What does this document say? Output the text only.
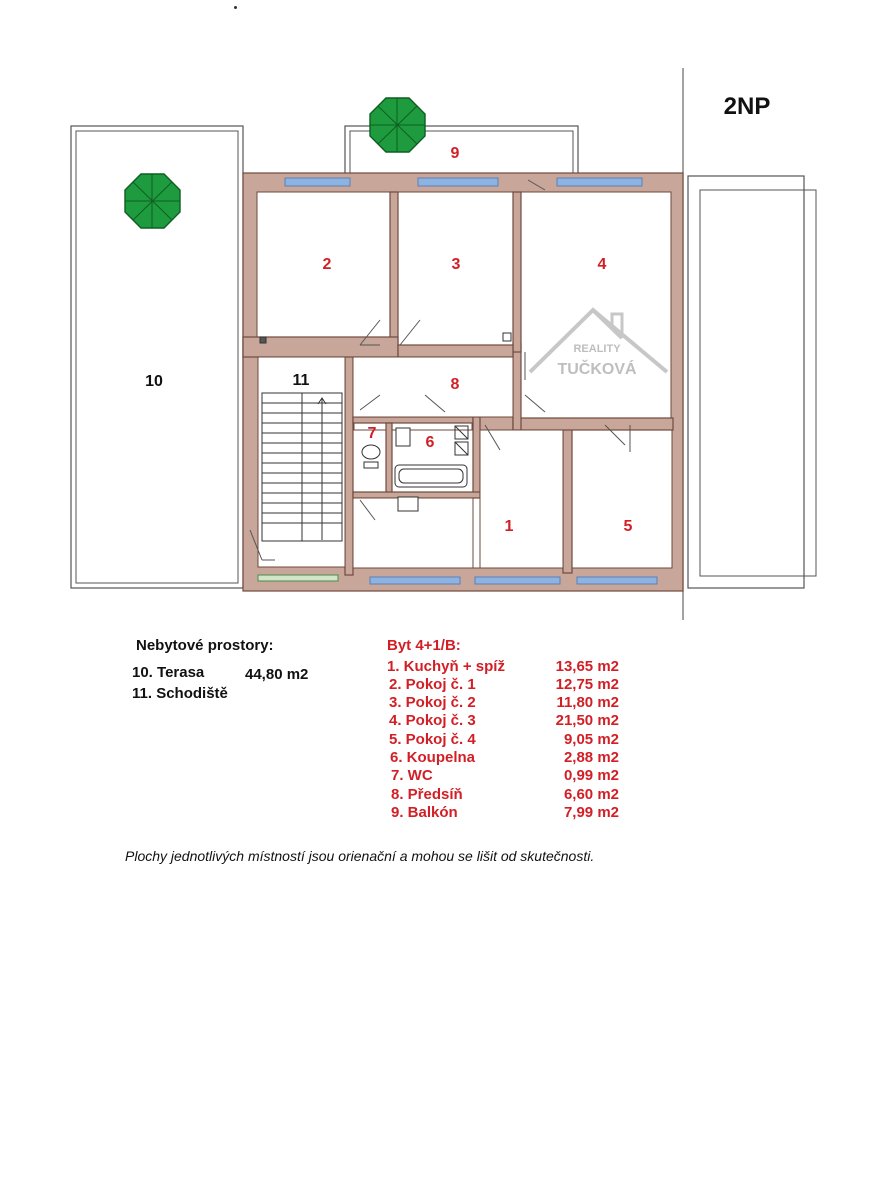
REALITY
TUČKOVÁ
1
2	3	4
5
6
7
8
9
10	11
2NP
Nebytové prostory:
10. Terasa	44,80 m2
11. Schodiště
Byt 4+1/B:
1. Kuchyň + spíž	13,65 m2
2. Pokoj č. 1	12,75 m2
3. Pokoj č. 2	11,80 m2
4. Pokoj č. 3	21,50 m2
5. Pokoj č. 4	9,05 m2
6. Koupelna	2,88 m2
7. WC	0,99 m2
8. Předsíň	6,60 m2
9. Balkón	7,99 m2
Plochy jednotlivých místností jsou orienační a mohou se lišit od skutečnosti.
